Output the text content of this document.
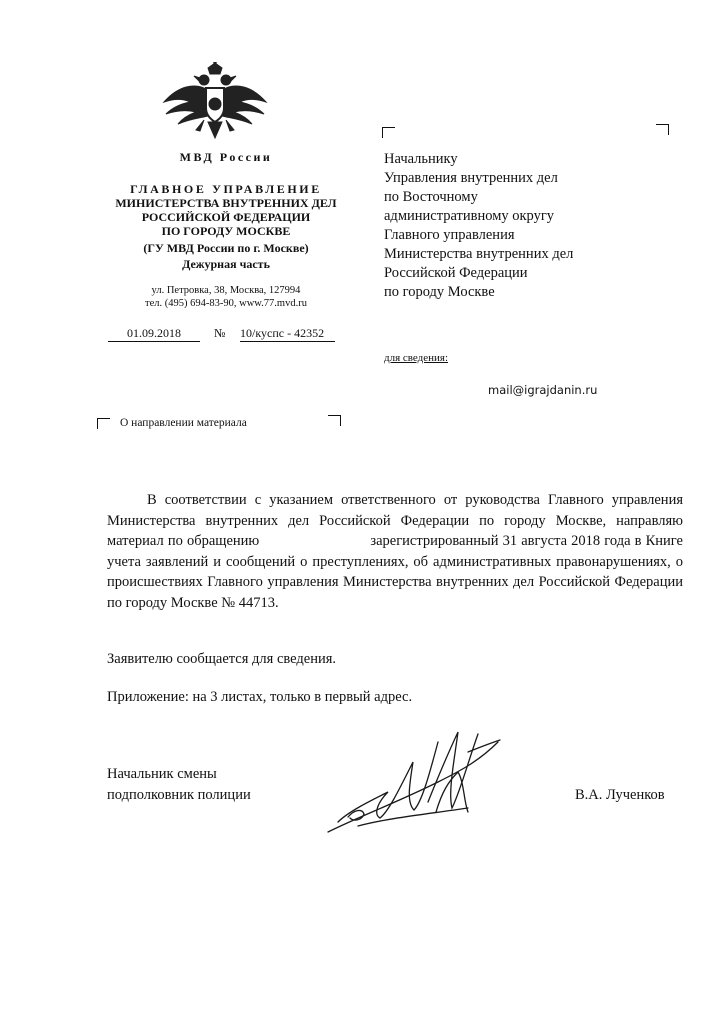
МВД России
ГЛАВНОЕ УПРАВЛЕНИЕ
МИНИСТЕРСТВА ВНУТРЕННИХ ДЕЛ
РОССИЙСКОЙ ФЕДЕРАЦИИ
ПО ГОРОДУ МОСКВЕ
(ГУ МВД России по г. Москве)
Дежурная часть
ул. Петровка, 38, Москва, 127994
тел. (495) 694-83-90, www.77.mvd.ru
01.09.2018	№ 10/куспс - 42352
Начальнику
Управления внутренних дел
по Восточному
административному округу
Главного управления
Министерства внутренних дел
Российской Федерации
по городу Москве
для сведения:
mail@igrajdanin.ru
О направлении материала
В соответствии с указанием ответственного от руководства Главного управления Министерства внутренних дел Российской Федерации по городу Москве, направляю материал по обращению                           зарегистрированный 31 августа 2018 года в Книге учета заявлений и сообщений о преступлениях, об административных правонарушениях, о происшествиях Главного управления Министерства внутренних дел Российской Федерации по городу Москве № 44713.
Заявителю сообщается для сведения.
Приложение: на 3 листах, только в первый адрес.
Начальник смены
подполковник полиции	В.А. Лученков
